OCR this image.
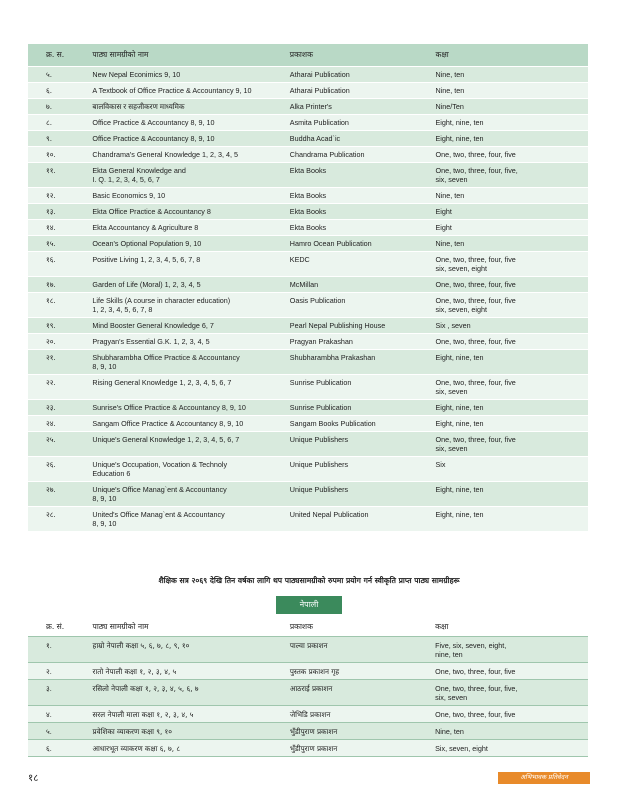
क्र. स.	पाठ्य सामग्रीको नाम	प्रकाशक	कक्षा
५.	New Nepal Econimics 9, 10	Atharai Publication	Nine, ten
६.	A Textbook of Office Practice & Accountancy 9, 10	Atharai Publication	Nine, ten
७.	बालविकास र सहजीकरण माध्यमिक	Alka Printer's	Nine/Ten
८.	Office Practice & Accountancy 8, 9, 10	Asmita Publication	Eight, nine, ten
९.	Office Practice & Accountancy 8, 9, 10	Buddha Acad`ic	Eight, nine, ten
१०.	Chandrama's General Knowledge 1, 2, 3, 4, 5	Chandrama Publication	One, two, three, four, five
११.	Ekta General Knowledge and
I. Q. 1, 2, 3, 4, 5, 6, 7	Ekta Books	One, two, three, four, five,
six, seven
१२.	Basic Economics 9, 10	Ekta Books	Nine, ten
१३.	Ekta Office Practice & Accountancy 8	Ekta Books	Eight
१४.	Ekta Accountancy & Agriculture 8	Ekta Books	Eight
१५.	Ocean's Optional Population 9, 10	Hamro Ocean Publication	Nine, ten
१६.	Positive Living 1, 2, 3, 4, 5, 6, 7, 8	KEDC	One, two, three, four, five
six, seven, eight
१७.	Garden of Life (Moral) 1, 2, 3, 4, 5	McMillan	One, two, three, four, five
१८.	Life Skills (A course in character education)
1, 2, 3, 4, 5, 6, 7, 8	Oasis Publication	One, two, three, four, five
six, seven, eight
१९.	Mind Booster General Knowledge 6, 7	Pearl Nepal Publishing House	Six , seven
२०.	Pragyan's Essential G.K. 1, 2, 3, 4, 5	Pragyan Prakashan	One, two, three, four, five
२१.	Shubharambha Office Practice & Accountancy
8, 9, 10	Shubharambha Prakashan	Eight, nine, ten
२२.	Rising General Knowledge 1, 2, 3, 4, 5, 6, 7	Sunrise Publication	One, two, three, four, five
six, seven
२३.	Sunrise's Office Practice & Accountancy 8, 9, 10	Sunrise Publication	Eight, nine, ten
२४.	Sangam Office Practice & Accountancy 8, 9, 10	Sangam Books Publication	Eight, nine, ten
२५.	Unique's General Knowledge 1, 2, 3, 4, 5, 6, 7	Unique Publishers	One, two, three, four, five
six, seven
२६.	Unique's Occupation, Vocation & Technoly
Education 6	Unique Publishers	Six
२७.	Unique's Office Manag`ent & Accountancy
8, 9, 10	Unique Publishers	Eight, nine, ten
२८.	United's Office Manag`ent & Accountancy
8, 9, 10	United Nepal Publication	Eight, nine, ten
शैक्षिक सत्र २०६९ देखि तिन वर्षका लागि थप पाठ्यसामग्रीको रुपमा प्रयोग गर्न स्वीकृति प्राप्त पाठ्य सामग्रीहरू
नेपाली
क्र. सं.	पाठ्य सामग्रीको नाम	प्रकाशक	कक्षा
१.	हाम्रो नेपाली कक्षा ५, ६, ७, ८, ९, १०	पाल्वा प्रकाशन	Five, six, seven, eight,
nine, ten
२.	रातो नेपाली कक्षा १, २, ३, ४, ५	पुस्तक प्रकाशन गृह	One, two, three, four, five
३.	रसिलो नेपाली कक्षा १, २, ३, ४, ५, ६, ७	आठराई प्रकाशन	One, two, three, four, five,
six, seven
४.	सरल नेपाली माला कक्षा १, २, ३, ४, ५	जेभिडि प्रकाशन	One, two, three, four, five
५.	प्रवेशिका व्याकरण कक्षा ९, १०	भुँडीपुराण प्रकाशन	Nine, ten
६.	आधारभूत व्याकरण कक्षा ६, ७, ८	भुँडीपुराण प्रकाशन	Six, seven, eight
१८	अभिभावक प्रतिवेदन
